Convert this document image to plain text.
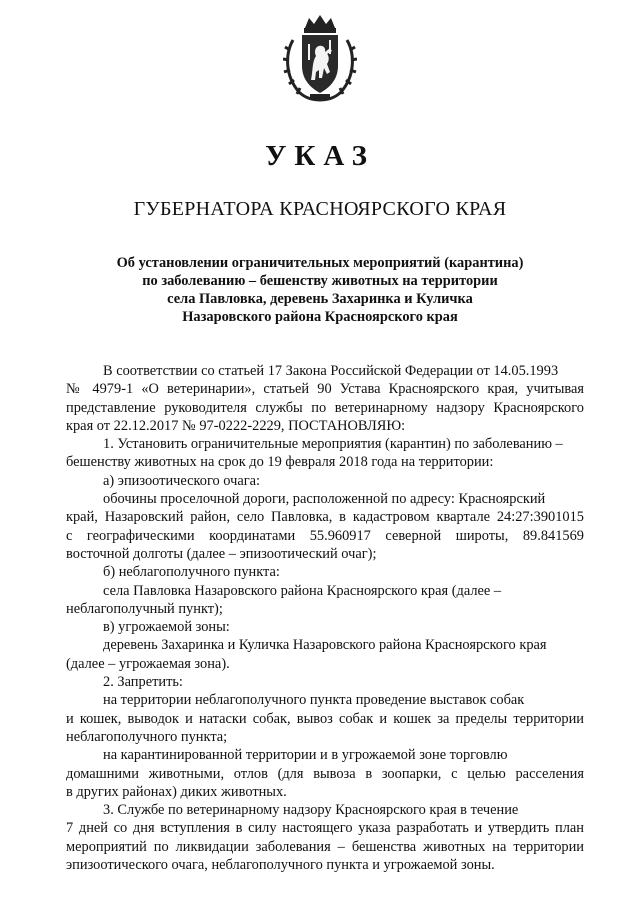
УКАЗ
ГУБЕРНАТОРА КРАСНОЯРСКОГО КРАЯ
Об установлении ограничительных мероприятий (карантина)
по заболеванию – бешенству животных на территории
села Павловка, деревень Захаринка и Куличка
Назаровского района Красноярского края
В соответствии со статьей 17 Закона Российской Федерации от 14.05.1993
№ 4979-1 «О ветеринарии», статьей 90 Устава Красноярского края, учитывая
представление руководителя службы по ветеринарному надзору Красноярского
края от 22.12.2017 № 97-0222-2229, ПОСТАНОВЛЯЮ:
1. Установить ограничительные мероприятия (карантин) по заболеванию –
бешенству животных на срок до 19 февраля 2018 года на территории:
а) эпизоотического очага:
обочины проселочной дороги, расположенной по адресу: Красноярский
край, Назаровский район, село Павловка, в кадастровом квартале 24:27:3901015
с географическими координатами 55.960917 северной широты, 89.841569
восточной долготы (далее – эпизоотический очаг);
б) неблагополучного пункта:
села Павловка Назаровского района Красноярского края (далее –
неблагополучный пункт);
в) угрожаемой зоны:
деревень Захаринка и Куличка Назаровского района Красноярского края
(далее – угрожаемая зона).
2. Запретить:
на территории неблагополучного пункта проведение выставок собак
и кошек, выводок и натаски собак, вывоз собак и кошек за пределы территории
неблагополучного пункта;
на карантинированной территории и в угрожаемой зоне торговлю
домашними животными, отлов (для вывоза в зоопарки, с целью расселения
в других районах) диких животных.
3. Службе по ветеринарному надзору Красноярского края в течение
7 дней со дня вступления в силу настоящего указа разработать и утвердить план
мероприятий по ликвидации заболевания – бешенства животных на территории
эпизоотического очага, неблагополучного пункта и угрожаемой зоны.
